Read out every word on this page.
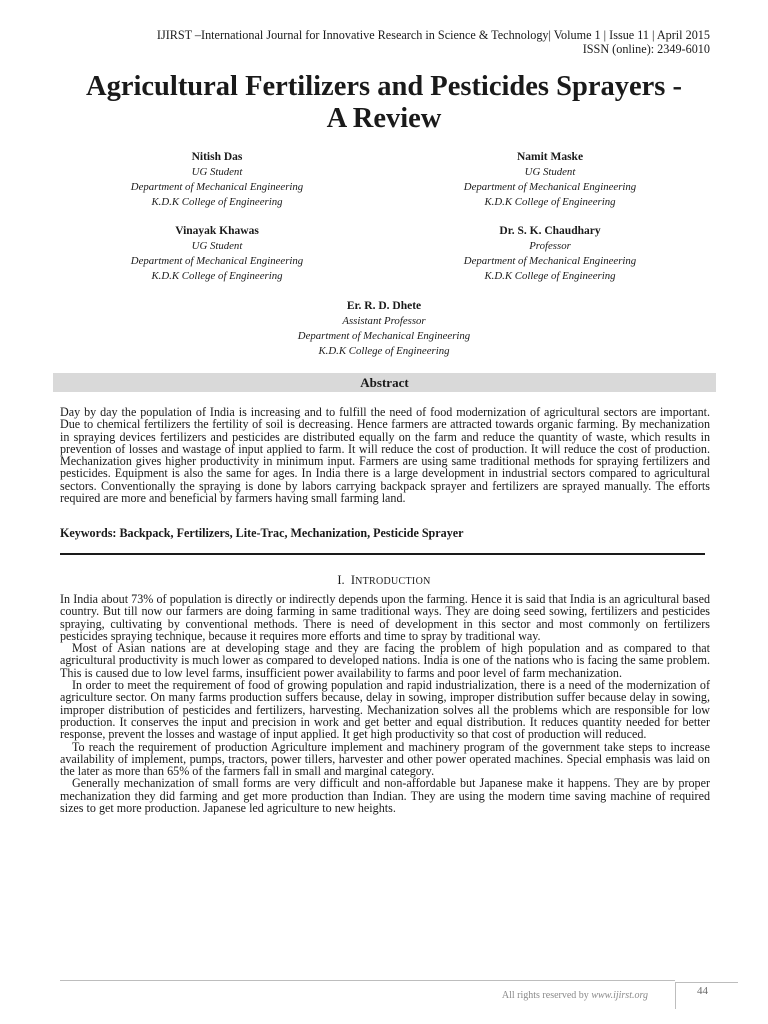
IJIRST –International Journal for Innovative Research in Science & Technology| Volume 1 | Issue 11 | April 2015
ISSN (online): 2349-6010
Agricultural Fertilizers and Pesticides Sprayers -
A Review
Nitish Das
UG Student
Department of Mechanical Engineering
K.D.K College of Engineering
Namit Maske
UG Student
Department of Mechanical Engineering
K.D.K College of Engineering
Vinayak Khawas
UG Student
Department of Mechanical Engineering
K.D.K College of Engineering
Dr. S. K. Chaudhary
Professor
Department of Mechanical Engineering
K.D.K College of Engineering
Er. R. D. Dhete
Assistant Professor
Department of Mechanical Engineering
K.D.K College of Engineering
Abstract
Day by day the population of India is increasing and to fulfill the need of food modernization of agricultural sectors are important. Due to chemical fertilizers the fertility of soil is decreasing. Hence farmers are attracted towards organic farming. By mechanization in spraying devices fertilizers and pesticides are distributed equally on the farm and reduce the quantity of waste, which results in prevention of losses and wastage of input applied to farm. It will reduce the cost of production. It will reduce the cost of production. Mechanization gives higher productivity in minimum input. Farmers are using same traditional methods for spraying fertilizers and pesticides. Equipment is also the same for ages. In India there is a large development in industrial sectors compared to agricultural sectors. Conventionally the spraying is done by labors carrying backpack sprayer and fertilizers are sprayed manually. The efforts required are more and beneficial by farmers having small farming land.
Keywords: Backpack, Fertilizers, Lite-Trac, Mechanization, Pesticide Sprayer
I. INTRODUCTION

In India about 73% of population is directly or indirectly depends upon the farming. Hence it is said that India is an agricultural based country. But till now our farmers are doing farming in same traditional ways. They are doing seed sowing, fertilizers and pesticides spraying, cultivating by conventional methods. There is need of development in this sector and most commonly on fertilizers pesticides spraying technique, because it requires more efforts and time to spray by traditional way.

Most of Asian nations are at developing stage and they are facing the problem of high population and as compared to that agricultural productivity is much lower as compared to developed nations. India is one of the nations who is facing the same problem. This is caused due to low level farms, insufficient power availability to farms and poor level of farm mechanization.

In order to meet the requirement of food of growing population and rapid industrialization, there is a need of the modernization of agriculture sector. On many farms production suffers because, delay in sowing, improper distribution suffer because delay in sowing, improper distribution of pesticides and fertilizers, harvesting. Mechanization solves all the problems which are responsible for low production. It conserves the input and precision in work and get better and equal distribution. It reduces quantity needed for better response, prevent the losses and wastage of input applied. It get high productivity so that cost of production will reduced.

To reach the requirement of production Agriculture implement and machinery program of the government take steps to increase availability of implement, pumps, tractors, power tillers, harvester and other power operated machines. Special emphasis was laid on the later as more than 65% of the farmers fall in small and marginal category.

Generally mechanization of small forms are very difficult and non-affordable but Japanese make it happens. They are by proper mechanization they did farming and get more production than Indian. They are using the modern time saving machine of required sizes to get more production. Japanese led agriculture to new heights.

All rights reserved by www.ijirst.org	44
